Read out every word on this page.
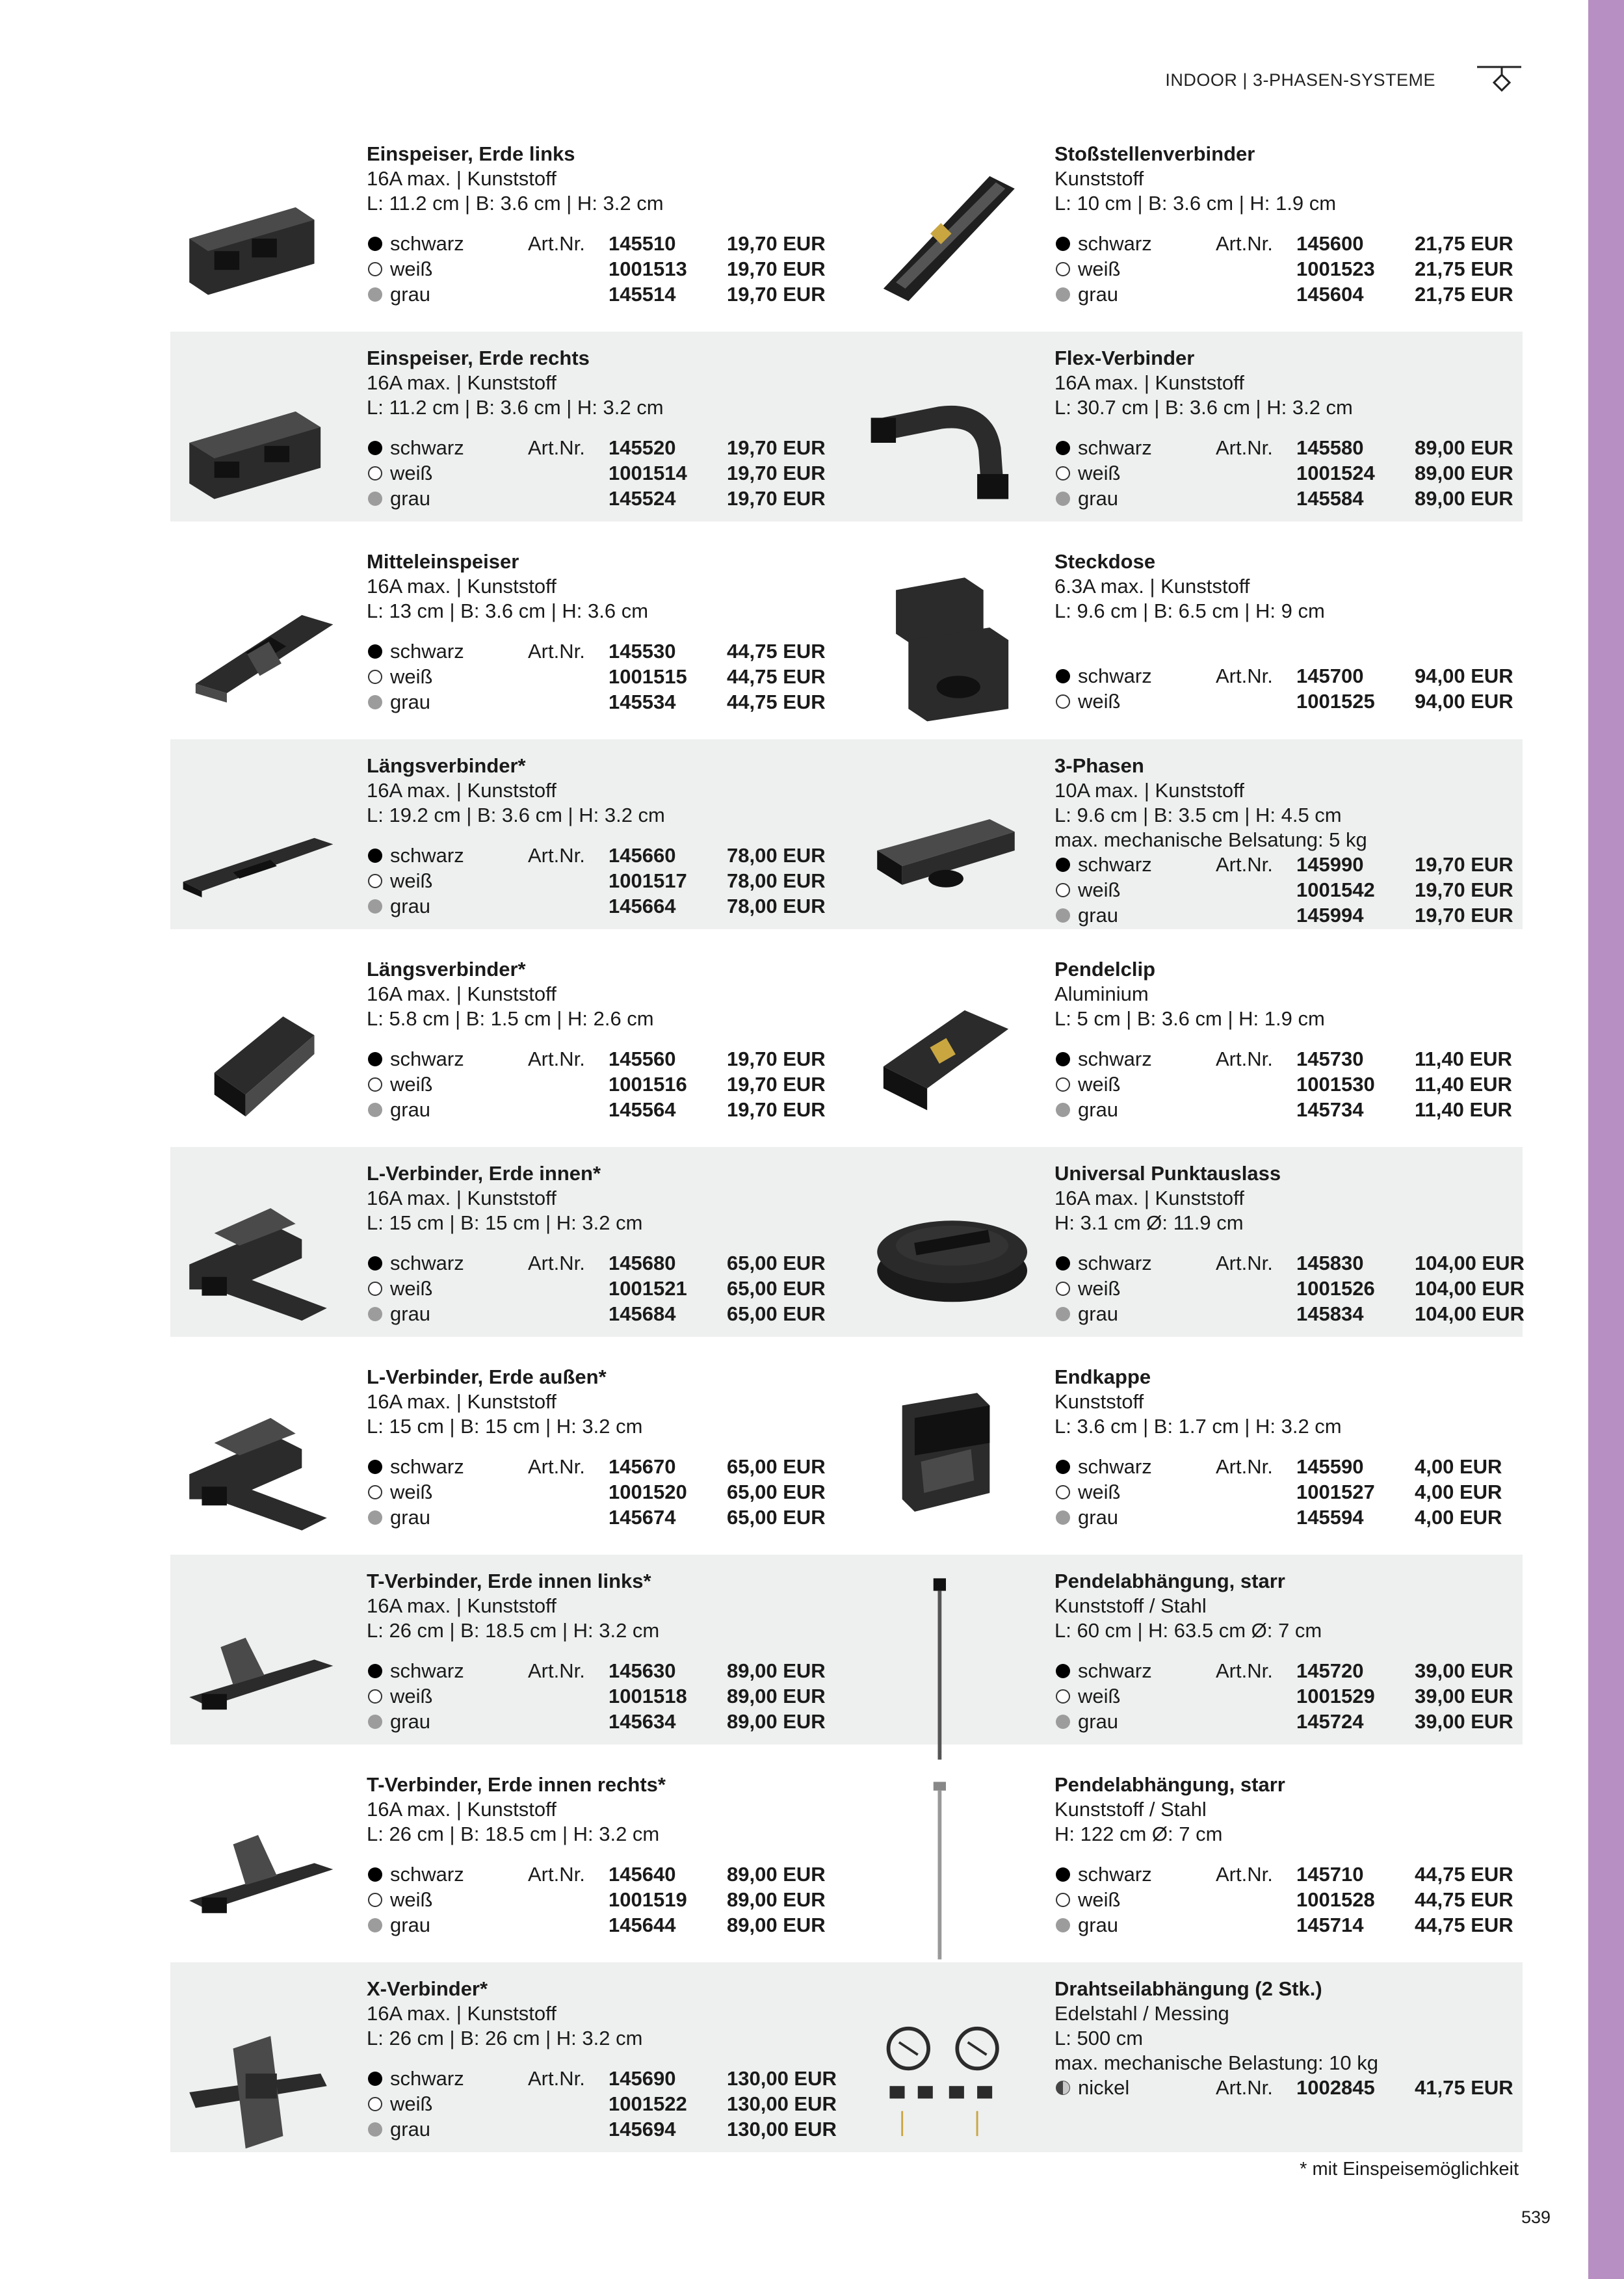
INDOOR | 3-PHASEN-SYSTEME
Einspeiser, Erde links
16A max. | Kunststoff
L: 11.2 cm | B: 3.6 cm | H: 3.2 cm
schwarz	Art.Nr. 145510	19,70 EUR
weiß	1001513 19,70 EUR
grau	145514	19,70 EUR
Einspeiser, Erde rechts
16A max. | Kunststoff
L: 11.2 cm | B: 3.6 cm | H: 3.2 cm
schwarz	Art.Nr. 145520	19,70 EUR
weiß	1001514 19,70 EUR
grau	145524	19,70 EUR
Mitteleinspeiser
16A max. | Kunststoff
L: 13 cm | B: 3.6 cm | H: 3.6 cm
schwarz	Art.Nr. 145530	44,75 EUR
weiß	1001515 44,75 EUR
grau	145534	44,75 EUR
Längsverbinder*
16A max. | Kunststoff
L: 19.2 cm | B: 3.6 cm | H: 3.2 cm
schwarz	Art.Nr. 145660	78,00 EUR
weiß	1001517 78,00 EUR
grau	145664	78,00 EUR
Längsverbinder*
16A max. | Kunststoff
L: 5.8 cm | B: 1.5 cm | H: 2.6 cm
schwarz	Art.Nr. 145560	19,70 EUR
weiß	1001516 19,70 EUR
grau	145564	19,70 EUR
L-Verbinder, Erde innen*
16A max. | Kunststoff
L: 15 cm | B: 15 cm | H: 3.2 cm
schwarz	Art.Nr. 145680	65,00 EUR
weiß	1001521 65,00 EUR
grau	145684	65,00 EUR
L-Verbinder, Erde außen*
16A max. | Kunststoff
L: 15 cm | B: 15 cm | H: 3.2 cm
schwarz	Art.Nr. 145670	65,00 EUR
weiß	1001520 65,00 EUR
grau	145674	65,00 EUR
T-Verbinder, Erde innen links*
16A max. | Kunststoff
L: 26 cm | B: 18.5 cm | H: 3.2 cm
schwarz	Art.Nr. 145630	89,00 EUR
weiß	1001518 89,00 EUR
grau	145634	89,00 EUR
T-Verbinder, Erde innen rechts*
16A max. | Kunststoff
L: 26 cm | B: 18.5 cm | H: 3.2 cm
schwarz	Art.Nr. 145640	89,00 EUR
weiß	1001519 89,00 EUR
grau	145644	89,00 EUR
X-Verbinder*
16A max. | Kunststoff
L: 26 cm | B: 26 cm | H: 3.2 cm
schwarz	Art.Nr. 145690	130,00 EUR
weiß	1001522 130,00 EUR
grau	145694	130,00 EUR
Stoßstellenverbinder
Kunststoff
L: 10 cm | B: 3.6 cm | H: 1.9 cm
schwarz	Art.Nr. 145600	21,75 EUR
weiß	1001523 21,75 EUR
grau	145604	21,75 EUR
Flex-Verbinder
16A max. | Kunststoff
L: 30.7 cm | B: 3.6 cm | H: 3.2 cm
schwarz	Art.Nr. 145580	89,00 EUR
weiß	1001524 89,00 EUR
grau	145584	89,00 EUR
Steckdose
6.3A max. | Kunststoff
L: 9.6 cm | B: 6.5 cm | H: 9 cm
schwarz	Art.Nr. 145700	94,00 EUR
weiß	1001525 94,00 EUR
3-Phasen
10A max. | Kunststoff
L: 9.6 cm | B: 3.5 cm | H: 4.5 cm
max. mechanische Belsatung: 5 kg
schwarz	Art.Nr. 145990	19,70 EUR
weiß	1001542 19,70 EUR
grau	145994	19,70 EUR
Pendelclip
Aluminium
L: 5 cm | B: 3.6 cm | H: 1.9 cm
schwarz	Art.Nr. 145730	11,40 EUR
weiß	1001530 11,40 EUR
grau	145734	11,40 EUR
Universal Punktauslass
16A max. | Kunststoff
H: 3.1 cm Ø: 11.9 cm
schwarz	Art.Nr. 145830	104,00 EUR
weiß	1001526 104,00 EUR
grau	145834	104,00 EUR
Endkappe
Kunststoff
L: 3.6 cm | B: 1.7 cm | H: 3.2 cm
schwarz	Art.Nr. 145590	4,00 EUR
weiß	1001527 4,00 EUR
grau	145594	4,00 EUR
Pendelabhängung, starr
Kunststoff / Stahl
L: 60 cm | H: 63.5 cm Ø: 7 cm
schwarz	Art.Nr. 145720	39,00 EUR
weiß	1001529 39,00 EUR
grau	145724	39,00 EUR
Pendelabhängung, starr
Kunststoff / Stahl
H: 122 cm Ø: 7 cm
schwarz	Art.Nr. 145710	44,75 EUR
weiß	1001528 44,75 EUR
grau	145714	44,75 EUR
Drahtseilabhängung (2 Stk.)
Edelstahl / Messing
L: 500 cm
max. mechanische Belastung: 10 kg
nickel	Art.Nr. 1002845 41,75 EUR
* mit Einspeisemöglichkeit
539
